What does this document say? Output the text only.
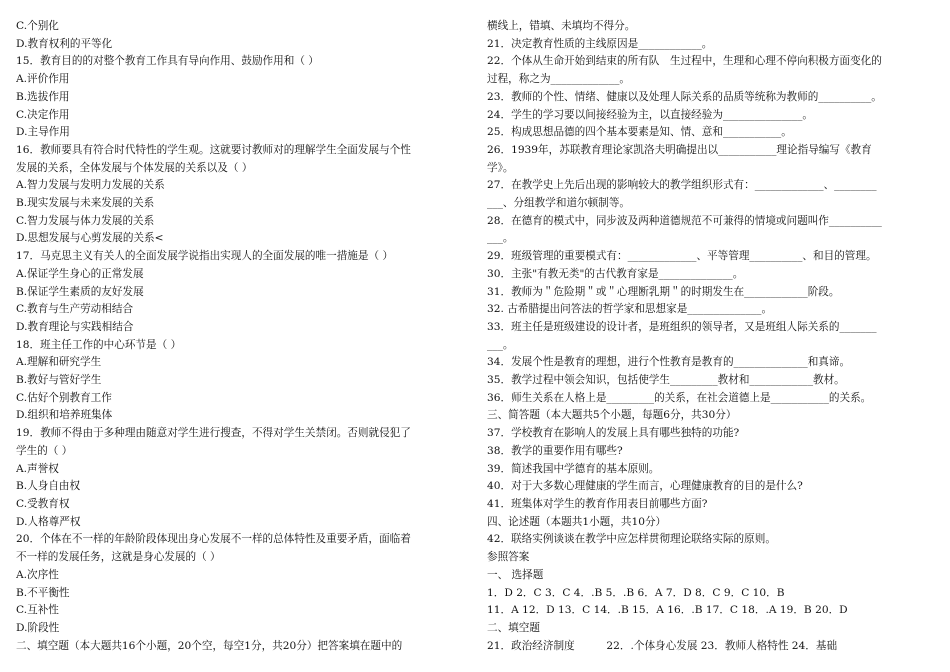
C.个别化
D.教育权利的平等化
15．教育目的的对整个教育工作具有导向作用、鼓励作用和（ ）
A.评价作用
B.选拔作用
C.决定作用
D.主导作用
16．教师要具有符合时代特性的学生观。这就要讨教师对的理解学生全面发展与个性
发展的关系，全体发展与个体发展的关系以及（ ）
A.智力发展与发明力发展的关系
B.现实发展与未来发展的关系
C.智力发展与体力发展的关系
D.思想发展与心剪发展的关系<
17．马克思主义有关人的全面发展学说指出实现人的全面发展的唯一措施是（ ）
A.保证学生身心的正常发展
B.保证学生素质的友好发展
C.教育与生产劳动相结合
D.教育理论与实践相结合
18．班主任工作的中心环节是（ ）
A.理解和研究学生
B.教好与管好学生
C.估好个别教育工作
D.组织和培养班集体
19．教师不得由于多种理由随意对学生进行搜查，不得对学生关禁闭。否则就侵犯了
学生的（ ）
A.声誉权
B.人身自由权
C.受教育权
D.人格尊严权
20．个体在不一样的年龄阶段体现出身心发展不一样的总体特性及重要矛盾，面临着
不一样的发展任务，这就是身心发展的（ ）
A.次序性
B.不平衡性
C.互补性
D.阶段性
二、填空题（本大题共16个小题，20个空，每空1分，共20分）把答案填在题中的
横线上，错填、未填均不得分。
21．决定教育性质的主线原因是____________。
22．个体从生命开始到结束的所有队　生过程中，生理和心理不停向积极方面变化的
过程，称之为_____________。
23．教师的个性、情绪、健康以及处理人际关系的品质等统称为教师的__________。
24．学生的学习要以间接经验为主，以直接经验为_______________。
25．构成思想品德的四个基本要素是知、情、意和___________。
26．1939年，苏联教育理论家凯洛夫明确提出以___________理论指导编写《教育
学》。
27．在教学史上先后出现的影响较大的教学组织形式有：_____________、________
___、分组教学和道尔顿制等。
28．在德育的模式中，同步波及两种道德规范不可兼得的情境或问题叫作__________
___。
29．班级管理的重要模式有：_____________、平等管理__________、和目的管理。
30．主张"有教无类"的古代教育家是______________。
31．教师为＂危险期＂或＂心理断乳期＂的时期发生在____________阶段。
32. 古希腊提出问答法的哲学家和思想家是______________。
33．班主任是班级建设的设计者，是班组织的领导者，又是班组人际关系的_______
___。
34．发展个性是教育的理想，进行个性教育是教育的______________和真谛。
35．教学过程中领会知识，包括使学生_________教材和____________教材。
36．师生关系在人格上是_________的关系，在社会道德上是___________的关系。
三、简答题（本大题共5个小题，每题6分，共30分）
37．学校教育在影响人的发展上具有哪些独特的功能?
38．教学的重要作用有哪些?
39．简述我国中学德育的基本原则。
40．对于大多数心理健康的学生而言，心理健康教育的目的是什么?
41．班集体对学生的教育作用表目前哪些方面?
四、论述题（本题共1小题，共10分）
42．联络实例谈谈在教学中应怎样贯彻理论联络实际的原则。
参照答案
一、 选择题
1．D 2．C 3．C 4．.B 5．.B 6．A 7．D 8．C 9．C 10．B
11．A 12．D 13．C 14．.B 15．A 16．.B 17．C 18．.A 19．B 20．D
二、填空题
21．政治经济制度　　　22．.个体身心发展 23．教师人格特性 24．基础
